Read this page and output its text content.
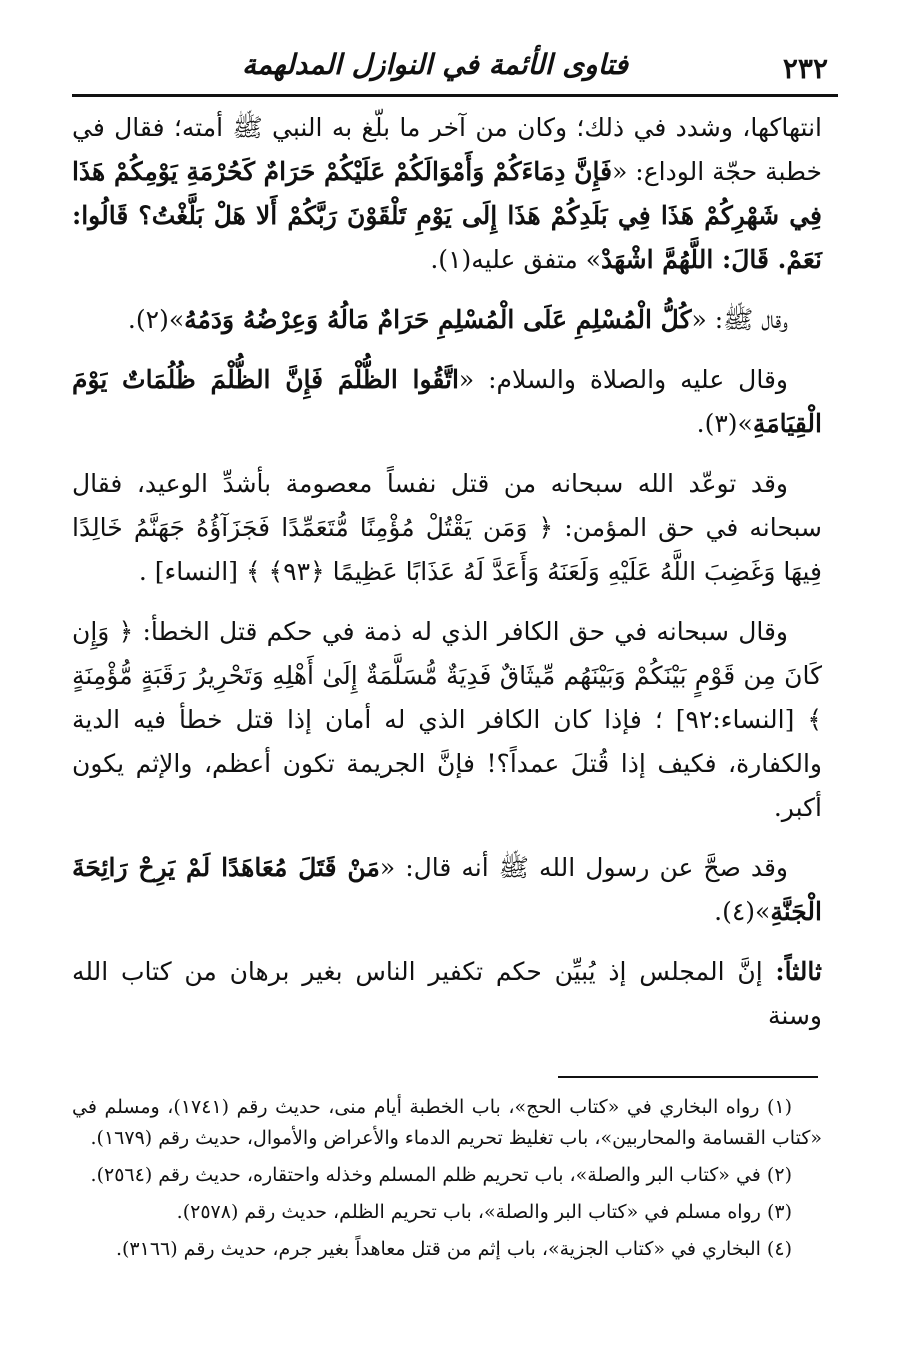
٢٣٢
فتاوى الأئمة في النوازل المدلهمة

انتهاكها، وشدد في ذلك؛ وكان من آخر ما بلّغ به النبي ﷺ أمته؛ فقال في خطبة حجّة الوداع: «فَإِنَّ دِمَاءَكُمْ وَأَمْوَالَكُمْ عَلَيْكُمْ حَرَامٌ كَحُرْمَةِ يَوْمِكُمْ هَذَا فِي شَهْرِكُمْ هَذَا فِي بَلَدِكُمْ هَذَا إِلَى يَوْمِ تَلْقَوْنَ رَبَّكُمْ أَلا هَلْ بَلَّغْتُ؟ قَالُوا: نَعَمْ. قَالَ: اللَّهُمَّ اشْهَدْ» متفق عليه(١).

وقال ﷺ: «كُلُّ الْمُسْلِمِ عَلَى الْمُسْلِمِ حَرَامٌ مَالُهُ وَعِرْضُهُ وَدَمُهُ»(٢).

وقال عليه والصلاة والسلام: «اتَّقُوا الظُّلْمَ فَإِنَّ الظُّلْمَ ظُلُمَاتٌ يَوْمَ الْقِيَامَةِ»(٣).

وقد توعّد الله سبحانه من قتل نفساً معصومة بأشدِّ الوعيد، فقال سبحانه في حق المؤمن: ﴿ وَمَن يَقْتُلْ مُؤْمِنًا مُّتَعَمِّدًا فَجَزَآؤُهُ جَهَنَّمُ خَالِدًا فِيهَا وَغَضِبَ اللَّهُ عَلَيْهِ وَلَعَنَهُ وَأَعَدَّ لَهُ عَذَابًا عَظِيمًا ﴿٩٣﴾ ﴾ [النساء] .

وقال سبحانه في حق الكافر الذي له ذمة في حكم قتل الخطأ: ﴿ وَإِن كَانَ مِن قَوْمٍ بَيْنَكُمْ وَبَيْنَهُم مِّيثَاقٌ فَدِيَةٌ مُّسَلَّمَةٌ إِلَىٰ أَهْلِهِ وَتَحْرِيرُ رَقَبَةٍ مُّؤْمِنَةٍ ﴾ [النساء:٩٢] ؛ فإذا كان الكافر الذي له أمان إذا قتل خطأ فيه الدية والكفارة، فكيف إذا قُتلَ عمداً؟! فإنَّ الجريمة تكون أعظم، والإثم يكون أكبر.

وقد صحَّ عن رسول الله ﷺ أنه قال: «مَنْ قَتَلَ مُعَاهَدًا لَمْ يَرِحْ رَائِحَةَ الْجَنَّةِ»(٤).

ثالثاً: إنَّ المجلس إذ يُبيِّن حكم تكفير الناس بغير برهان من كتاب الله وسنة

(١) رواه البخاري في «كتاب الحج»، باب الخطبة أيام منى، حديث رقم (١٧٤١)، ومسلم في «كتاب القسامة والمحاربين»، باب تغليظ تحريم الدماء والأعراض والأموال، حديث رقم (١٦٧٩).

(٢) في «كتاب البر والصلة»، باب تحريم ظلم المسلم وخذله واحتقاره، حديث رقم (٢٥٦٤).

(٣) رواه مسلم في «كتاب البر والصلة»، باب تحريم الظلم، حديث رقم (٢٥٧٨).

(٤) البخاري في «كتاب الجزية»، باب إثم من قتل معاهداً بغير جرم، حديث رقم (٣١٦٦).
